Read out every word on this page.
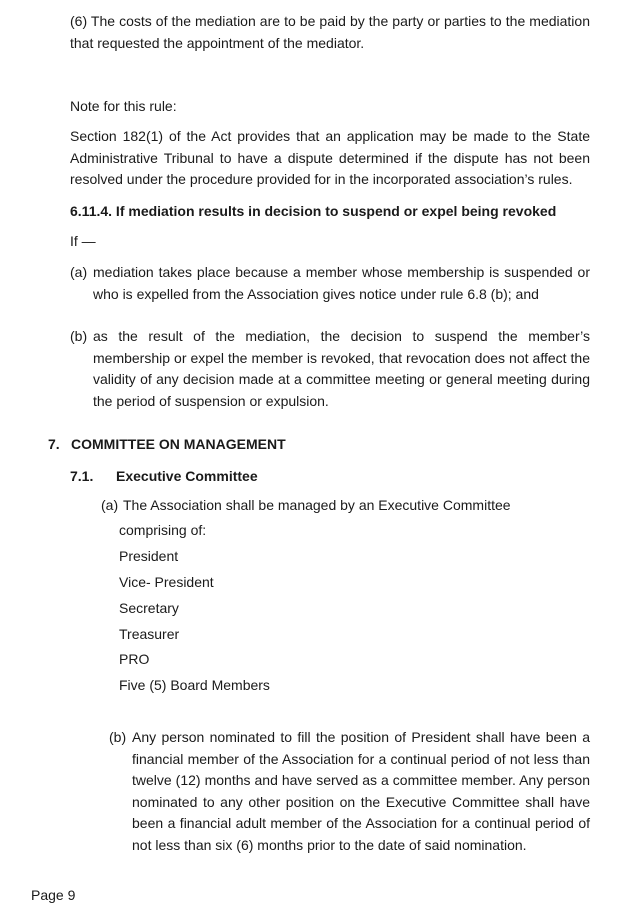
(6) The costs of the mediation are to be paid by the party or parties to the mediation that requested the appointment of the mediator.

Note for this rule:

Section 182(1) of the Act provides that an application may be made to the State Administrative Tribunal to have a dispute determined if the dispute has not been resolved under the procedure provided for in the incorporated association’s rules.

6.11.4. If mediation results in decision to suspend or expel being revoked

If —

(a) mediation takes place because a member whose membership is suspended or who is expelled from the Association gives notice under rule 6.8 (b); and
(b) as the result of the mediation, the decision to suspend the member’s membership or expel the member is revoked, that revocation does not affect the validity of any decision made at a committee meeting or general meeting during the period of suspension or expulsion.
7. COMMITTEE ON MANAGEMENT
7.1. Executive Committee
(a) The Association shall be managed by an Executive Committee
comprising of:
President
Vice- President
Secretary
Treasurer
PRO
Five (5) Board Members
(b) Any person nominated to fill the position of President shall have been a financial member of the Association for a continual period of not less than twelve (12) months and have served as a committee member. Any person nominated to any other position on the Executive Committee shall have been a financial adult member of the Association for a continual period of not less than six (6) months prior to the date of said nomination.
Page 9
